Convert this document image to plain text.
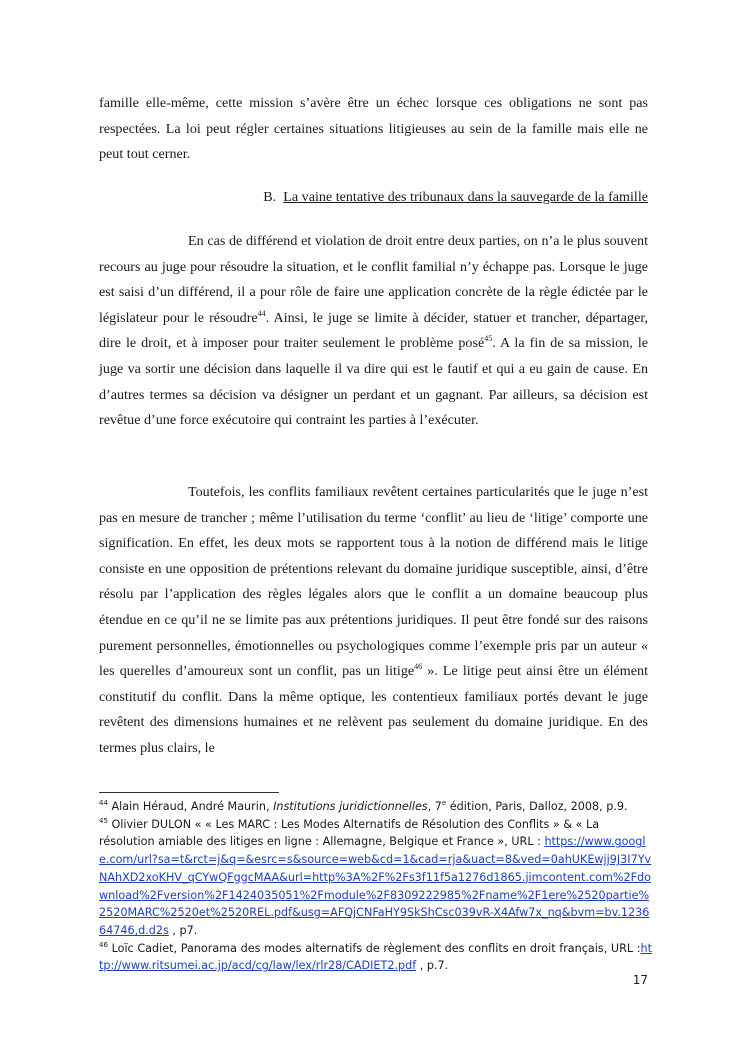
famille elle-même, cette mission s’avère être un échec lorsque ces obligations ne sont pas respectées. La loi peut régler certaines situations litigieuses au sein de la famille mais elle ne peut tout cerner.

B. La vaine tentative des tribunaux dans la sauvegarde de la famille

En cas de différend et violation de droit entre deux parties, on n’a le plus souvent recours au juge pour résoudre la situation, et le conflit familial n’y échappe pas. Lorsque le juge est saisi d’un différend, il a pour rôle de faire une application concrète de la règle édictée par le législateur pour le résoudre$^{44}$. Ainsi, le juge se limite à décider, statuer et trancher, départager, dire le droit, et à imposer pour traiter seulement le problème posé$^{45}$. A la fin de sa mission, le juge va sortir une décision dans laquelle il va dire qui est le fautif et qui a eu gain de cause. En d’autres termes sa décision va désigner un perdant et un gagnant. Par ailleurs, sa décision est revêtue d’une force exécutoire qui contraint les parties à l’exécuter.

Toutefois, les conflits familiaux revêtent certaines particularités que le juge n’est pas en mesure de trancher ; même l’utilisation du terme ‘conflit’ au lieu de ‘litige’ comporte une signification. En effet, les deux mots se rapportent tous à la notion de différend mais le litige consiste en une opposition de prétentions relevant du domaine juridique susceptible, ainsi, d’être résolu par l’application des règles légales alors que le conflit a un domaine beaucoup plus étendue en ce qu’il ne se limite pas aux prétentions juridiques. Il peut être fondé sur des raisons purement personnelles, émotionnelles ou psychologiques comme l’exemple pris par un auteur « les querelles d’amoureux sont un conflit, pas un litige$^{46}$ ». Le litige peut ainsi être un élément constitutif du conflit. Dans la même optique, les contentieux familiaux portés devant le juge revêtent des dimensions humaines et ne relèvent pas seulement du domaine juridique. En des termes plus clairs, le

$^{44}$ Alain Héraud, André Maurin, Institutions juridictionnelles, 7e édition, Paris, Dalloz, 2008, p.9.

$^{45}$ Olivier DULON « « Les MARC : Les Modes Alternatifs de Résolution des Conflits » & « La résolution amiable des litiges en ligne : Allemagne, Belgique et France », URL : https://www.google.com/url?sa=t&rct=j&q=&esrc=s&source=web&cd=1&cad=rja&uact=8&ved=0ahUKEwjj9J3I7YvNAhXD2xoKHV_qCYwQFggcMAA&url=http%3A%2F%2Fs3f11f5a1276d1865.jimcontent.com%2Fdownload%2Fversion%2F1424035051%2Fmodule%2F8309222985%2Fname%2F1ere%2520partie%2520MARC%2520et%2520REL.pdf&usg=AFQjCNFaHY9SkShCsc039vR-X4Afw7x_nq&bvm=bv.123664746,d.d2s , p7.

$^{46}$ Loïc Cadiet, Panorama des modes alternatifs de règlement des conflits en droit français, URL :http://www.ritsumei.ac.jp/acd/cg/law/lex/rlr28/CADIET2.pdf , p.7.

17
